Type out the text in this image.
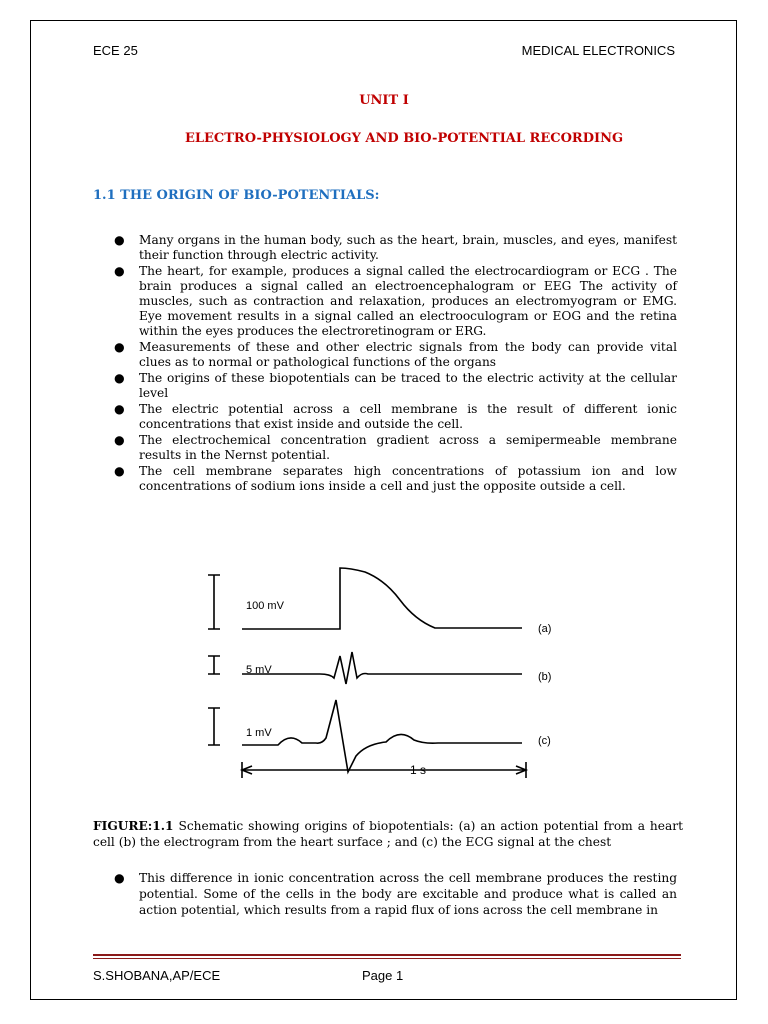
ECE 25	MEDICAL ELECTRONICS
UNIT I
ELECTRO-PHYSIOLOGY AND BIO-POTENTIAL RECORDING
1.1 THE ORIGIN OF BIO-POTENTIALS:
● Many organs in the human body, such as the heart, brain, muscles, and eyes, manifest their function through electric activity.
● The heart, for example, produces a signal called the electrocardiogram or ECG . The brain produces a signal called an electroencephalogram or EEG The activity of muscles, such as contraction and relaxation, produces an electromyogram or EMG. Eye movement results in a signal called an electrooculogram or EOG and the retina within the eyes produces the electroretinogram or ERG.
● Measurements of these and other electric signals from the body can provide vital clues as to normal or pathological functions of the organs
● The origins of these biopotentials can be traced to the electric activity at the cellular level
● The electric potential across a cell membrane is the result of different ionic concentrations that exist inside and outside the cell.
● The electrochemical concentration gradient across a semipermeable membrane results in the Nernst potential.
● The cell membrane separates high concentrations of potassium ion and low concentrations of sodium ions inside a cell and just the opposite outside a cell.
100 mV
5 mV
1 mV
(a)
(b)
(c)
1 s
FIGURE:1.1 Schematic showing origins of biopotentials: (a) an action potential from a heart cell (b) the electrogram from the heart surface ; and (c) the ECG signal at the chest
● This difference in ionic concentration across the cell membrane produces the resting potential. Some of the cells in the body are excitable and produce what is called an action potential, which results from a rapid flux of ions across the cell membrane in
S.SHOBANA,AP/ECE	Page 1
